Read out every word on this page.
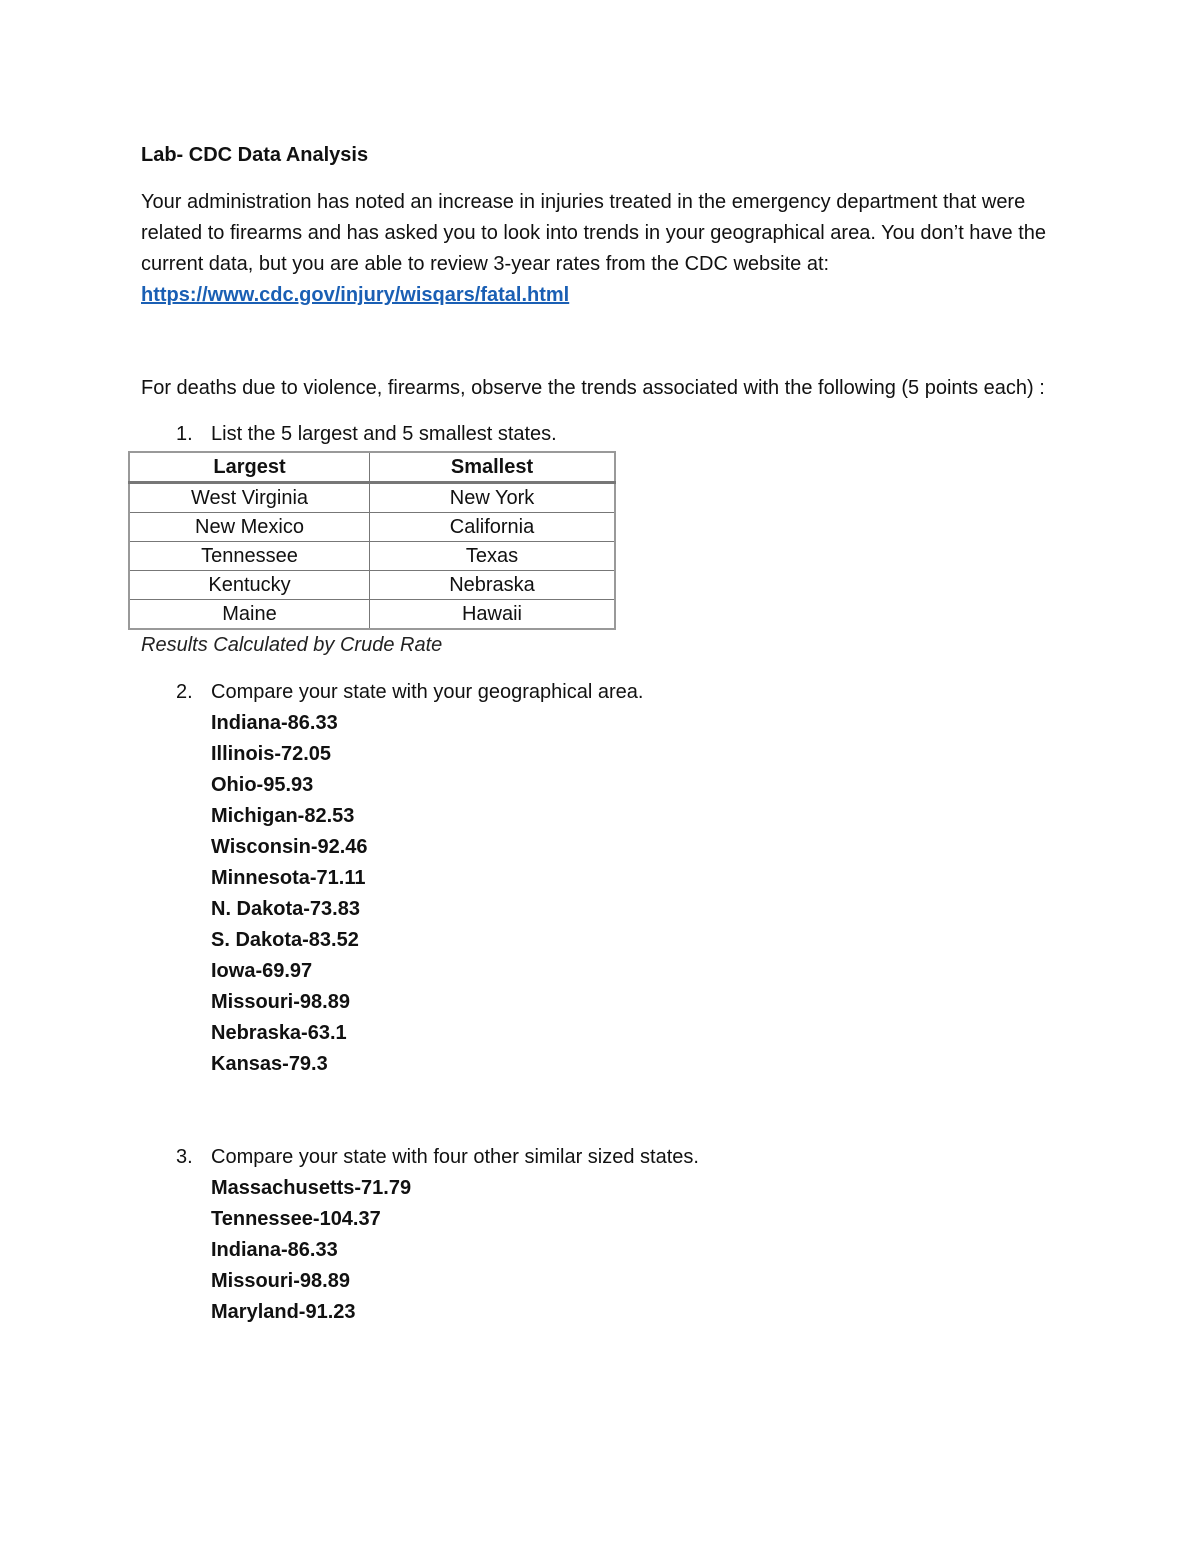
Lab- CDC Data Analysis

Your administration has noted an increase in injuries treated in the emergency department that were related to firearms and has asked you to look into trends in your geographical area. You don’t have the current data, but you are able to review 3-year rates from the CDC website at:
https://www.cdc.gov/injury/wisqars/fatal.html

For deaths due to violence, firearms, observe the trends associated with the following (5 points each) :

1. List the 5 largest and 5 smallest states.

Largest	Smallest
West Virginia	New York
New Mexico	California
Tennessee	Texas
Kentucky	Nebraska
Maine	Hawaii

Results Calculated by Crude Rate

2. Compare your state with your geographical area.

Indiana-86.33
Illinois-72.05
Ohio-95.93
Michigan-82.53
Wisconsin-92.46
Minnesota-71.11
N. Dakota-73.83
S. Dakota-83.52
Iowa-69.97
Missouri-98.89
Nebraska-63.1
Kansas-79.3

3. Compare your state with four other similar sized states.

Massachusetts-71.79
Tennessee-104.37
Indiana-86.33
Missouri-98.89
Maryland-91.23
